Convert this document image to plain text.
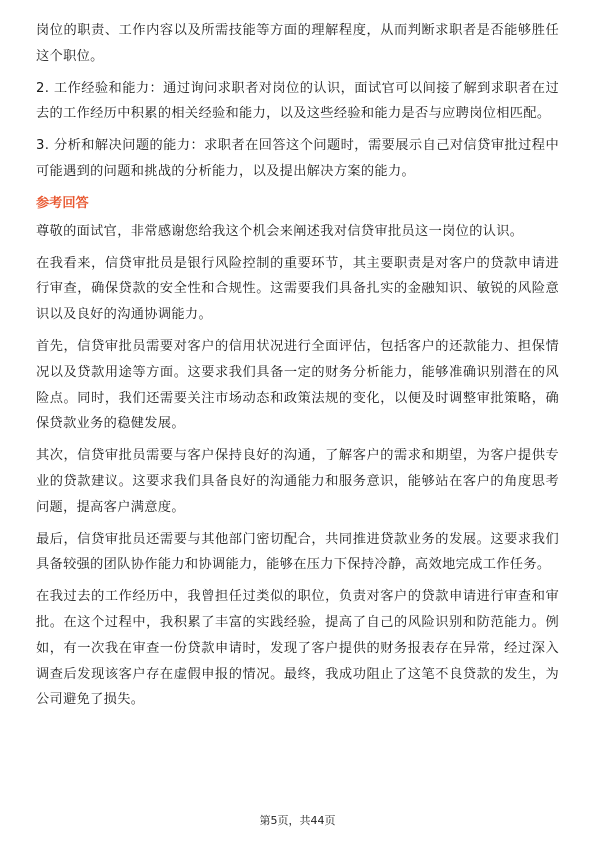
岗位的职责、工作内容以及所需技能等方面的理解程度，从而判断求职者是否能够胜任这个职位。

2. 工作经验和能力：通过询问求职者对岗位的认识，面试官可以间接了解到求职者在过去的工作经历中积累的相关经验和能力，以及这些经验和能力是否与应聘岗位相匹配。

3. 分析和解决问题的能力：求职者在回答这个问题时，需要展示自己对信贷审批过程中可能遇到的问题和挑战的分析能力，以及提出解决方案的能力。

参考回答

尊敬的面试官，非常感谢您给我这个机会来阐述我对信贷审批员这一岗位的认识。

在我看来，信贷审批员是银行风险控制的重要环节，其主要职责是对客户的贷款申请进行审查，确保贷款的安全性和合规性。这需要我们具备扎实的金融知识、敏锐的风险意识以及良好的沟通协调能力。

首先，信贷审批员需要对客户的信用状况进行全面评估，包括客户的还款能力、担保情况以及贷款用途等方面。这要求我们具备一定的财务分析能力，能够准确识别潜在的风险点。同时，我们还需要关注市场动态和政策法规的变化，以便及时调整审批策略，确保贷款业务的稳健发展。

其次，信贷审批员需要与客户保持良好的沟通，了解客户的需求和期望，为客户提供专业的贷款建议。这要求我们具备良好的沟通能力和服务意识，能够站在客户的角度思考问题，提高客户满意度。

最后，信贷审批员还需要与其他部门密切配合，共同推进贷款业务的发展。这要求我们具备较强的团队协作能力和协调能力，能够在压力下保持冷静，高效地完成工作任务。

在我过去的工作经历中，我曾担任过类似的职位，负责对客户的贷款申请进行审查和审批。在这个过程中，我积累了丰富的实践经验，提高了自己的风险识别和防范能力。例如，有一次我在审查一份贷款申请时，发现了客户提供的财务报表存在异常，经过深入调查后发现该客户存在虚假申报的情况。最终，我成功阻止了这笔不良贷款的发生，为公司避免了损失。

第5页，共44页
